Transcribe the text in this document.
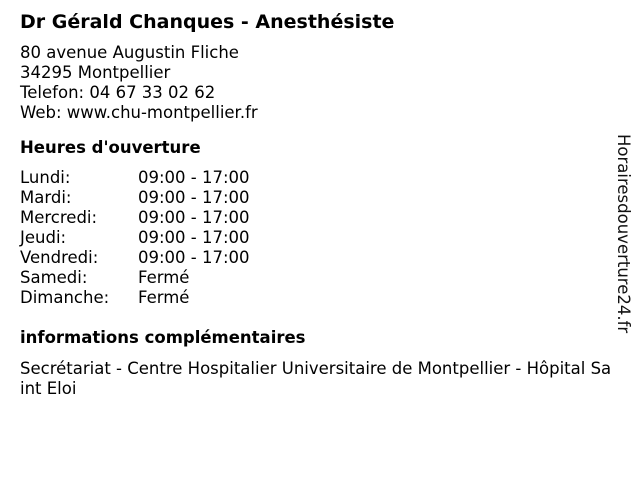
Dr Gérald Chanques - Anesthésiste
80 avenue Augustin Fliche
34295 Montpellier
Telefon: 04 67 33 02 62
Web: www.chu-montpellier.fr
Heures d'ouverture
Lundi:	09:00 - 17:00
Mardi:	09:00 - 17:00
Mercredi:	09:00 - 17:00
Jeudi:	09:00 - 17:00
Vendredi:	09:00 - 17:00
Samedi:	Fermé
Dimanche:	Fermé
informations complémentaires
Secrétariat - Centre Hospitalier Universitaire de Montpellier - Hôpital Saint Eloi
Horairesdouverture24.fr
